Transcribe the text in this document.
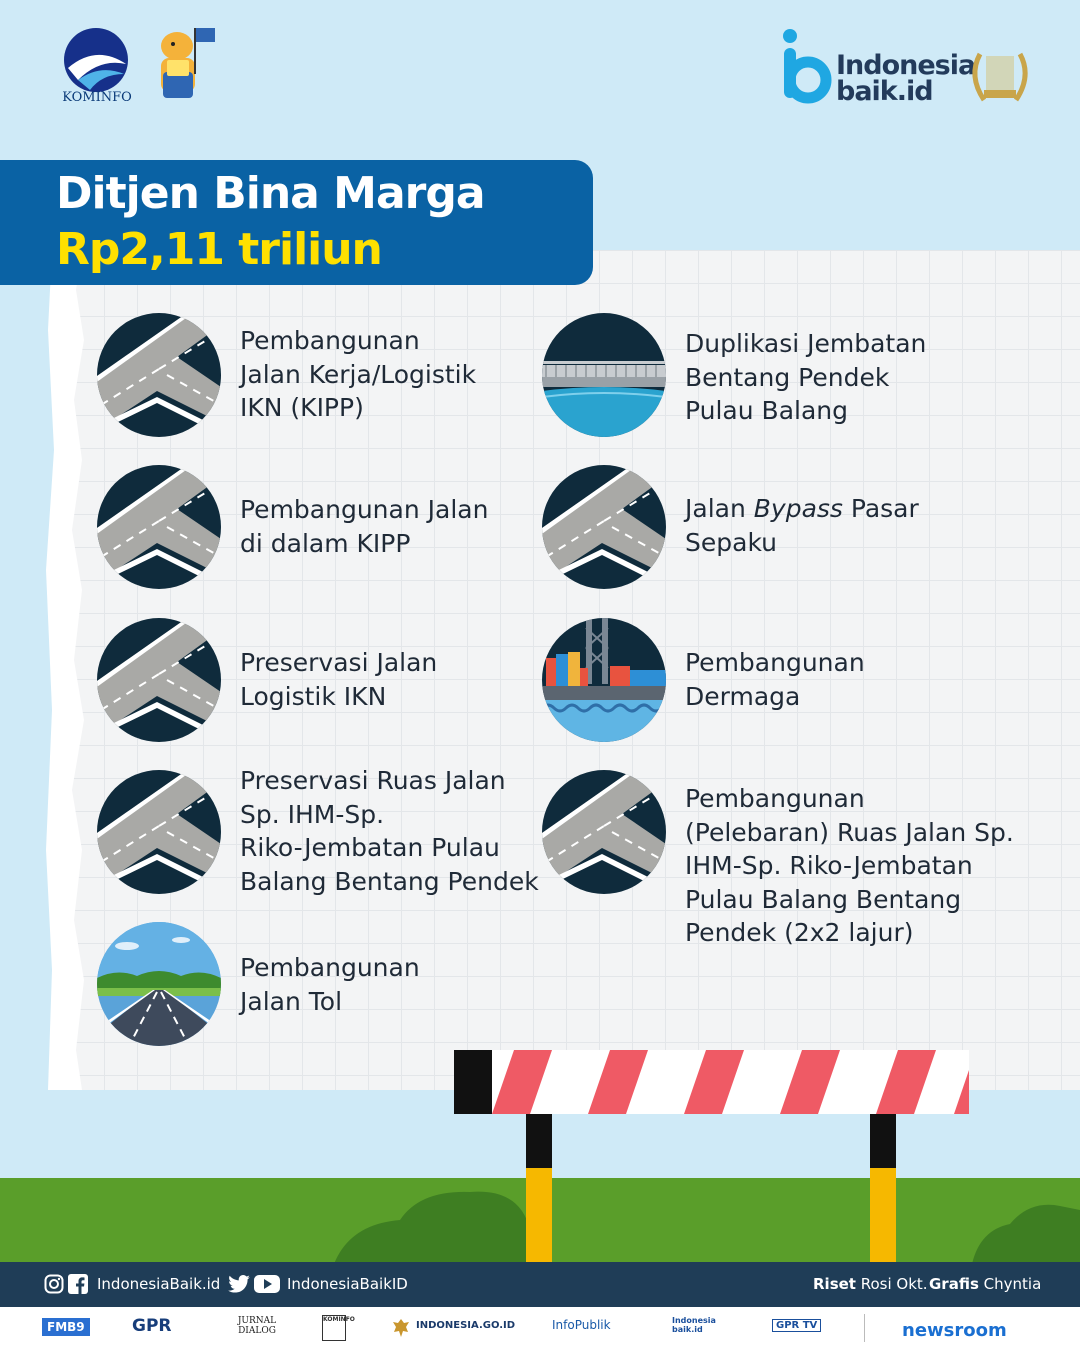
KOMINFO
Indonesia
baik.id
Ditjen Bina Marga
Rp2,11 triliun
Pembangunan
Jalan Kerja/Logistik
IKN (KIPP)
Duplikasi Jembatan
Bentang Pendek
Pulau Balang
Pembangunan Jalan
di dalam KIPP
Jalan Bypass Pasar
Sepaku
Preservasi Jalan
Logistik IKN
Pembangunan
Dermaga
Preservasi Ruas Jalan
Sp. IHM-Sp.
Riko-Jembatan Pulau
Balang Bentang Pendek
Pembangunan
(Pelebaran) Ruas Jalan Sp.
IHM-Sp. Riko-Jembatan
Pulau Balang Bentang
Pendek (2x2 lajur)
Pembangunan
Jalan Tol
IndonesiaBaik.id	IndonesiaBaikID	Riset Rosi Okt. Grafis Chyntia
FMB9	GPR	JURNAL DIALOG
KOMINFO
INDONESIA.GO.ID	InfoPublik	Indonesia baik.id	GPR TV	newsroom
